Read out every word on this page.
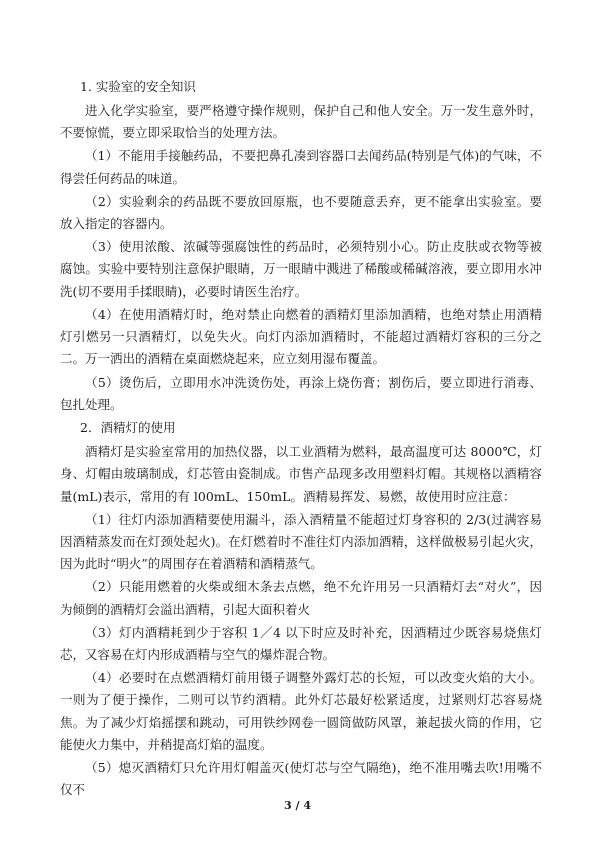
1. 实验室的安全知识

进入化学实验室，要严格遵守操作规则，保护自己和他人安全。万一发生意外时，不要惊慌，要立即采取恰当的处理方法。

（1）不能用手接触药品，不要把鼻孔凑到容器口去闻药品(特别是气体)的气味，不得尝任何药品的味道。

（2）实验剩余的药品既不要放回原瓶，也不要随意丢弃，更不能拿出实验室。要放入指定的容器内。

（3）使用浓酸、浓碱等强腐蚀性的药品时，必须特别小心。防止皮肤或衣物等被腐蚀。实验中要特别注意保护眼睛，万一眼睛中溅进了稀酸或稀碱溶液，要立即用水冲洗(切不要用手揉眼睛)，必要时请医生治疗。

（4）在使用酒精灯时，绝对禁止向燃着的酒精灯里添加酒精，也绝对禁止用酒精灯引燃另一只酒精灯，以免失火。向灯内添加酒精时，不能超过酒精灯容积的三分之二。万一洒出的酒精在桌面燃烧起来，应立刻用湿布覆盖。

（5）烫伤后，立即用水冲洗烫伤处，再涂上烧伤膏；割伤后，要立即进行消毒、包扎处理。

2．酒精灯的使用

酒精灯是实验室常用的加热仪器，以工业酒精为燃料，最高温度可达 8000℃，灯身、灯帽由玻璃制成，灯芯管由瓷制成。市售产品现多改用塑料灯帽。其规格以酒精容量(mL)表示，常用的有 l00mL、150mL。酒精易挥发、易燃，故使用时应注意：

（1）往灯内添加酒精要使用漏斗，添入酒精量不能超过灯身容积的 2/3(过满容易因酒精蒸发而在灯颈处起火)。在灯燃着时不准往灯内添加酒精，这样做极易引起火灾，因为此时“明火”的周围存在着酒精和酒精蒸气。

（2）只能用燃着的火柴或细木条去点燃，绝不允许用另一只酒精灯去“对火”，因为倾倒的酒精灯会溢出酒精，引起大面积着火

（3）灯内酒精耗到少于容积 1／4 以下时应及时补充，因酒精过少既容易烧焦灯芯，又容易在灯内形成酒精与空气的爆炸混合物。

（4）必要时在点燃酒精灯前用镊子调整外露灯芯的长短，可以改变火焰的大小。一则为了便于操作，二则可以节约酒精。此外灯芯最好松紧适度，过紧则灯芯容易烧焦。为了减少灯焰摇摆和跳动，可用铁纱网卷一圆筒做防风罩，兼起拔火筒的作用，它能使火力集中，并稍提高灯焰的温度。

（5）熄灭酒精灯只允许用灯帽盖灭(使灯芯与空气隔绝)，绝不准用嘴去吹!用嘴不仅不

3 / 4
